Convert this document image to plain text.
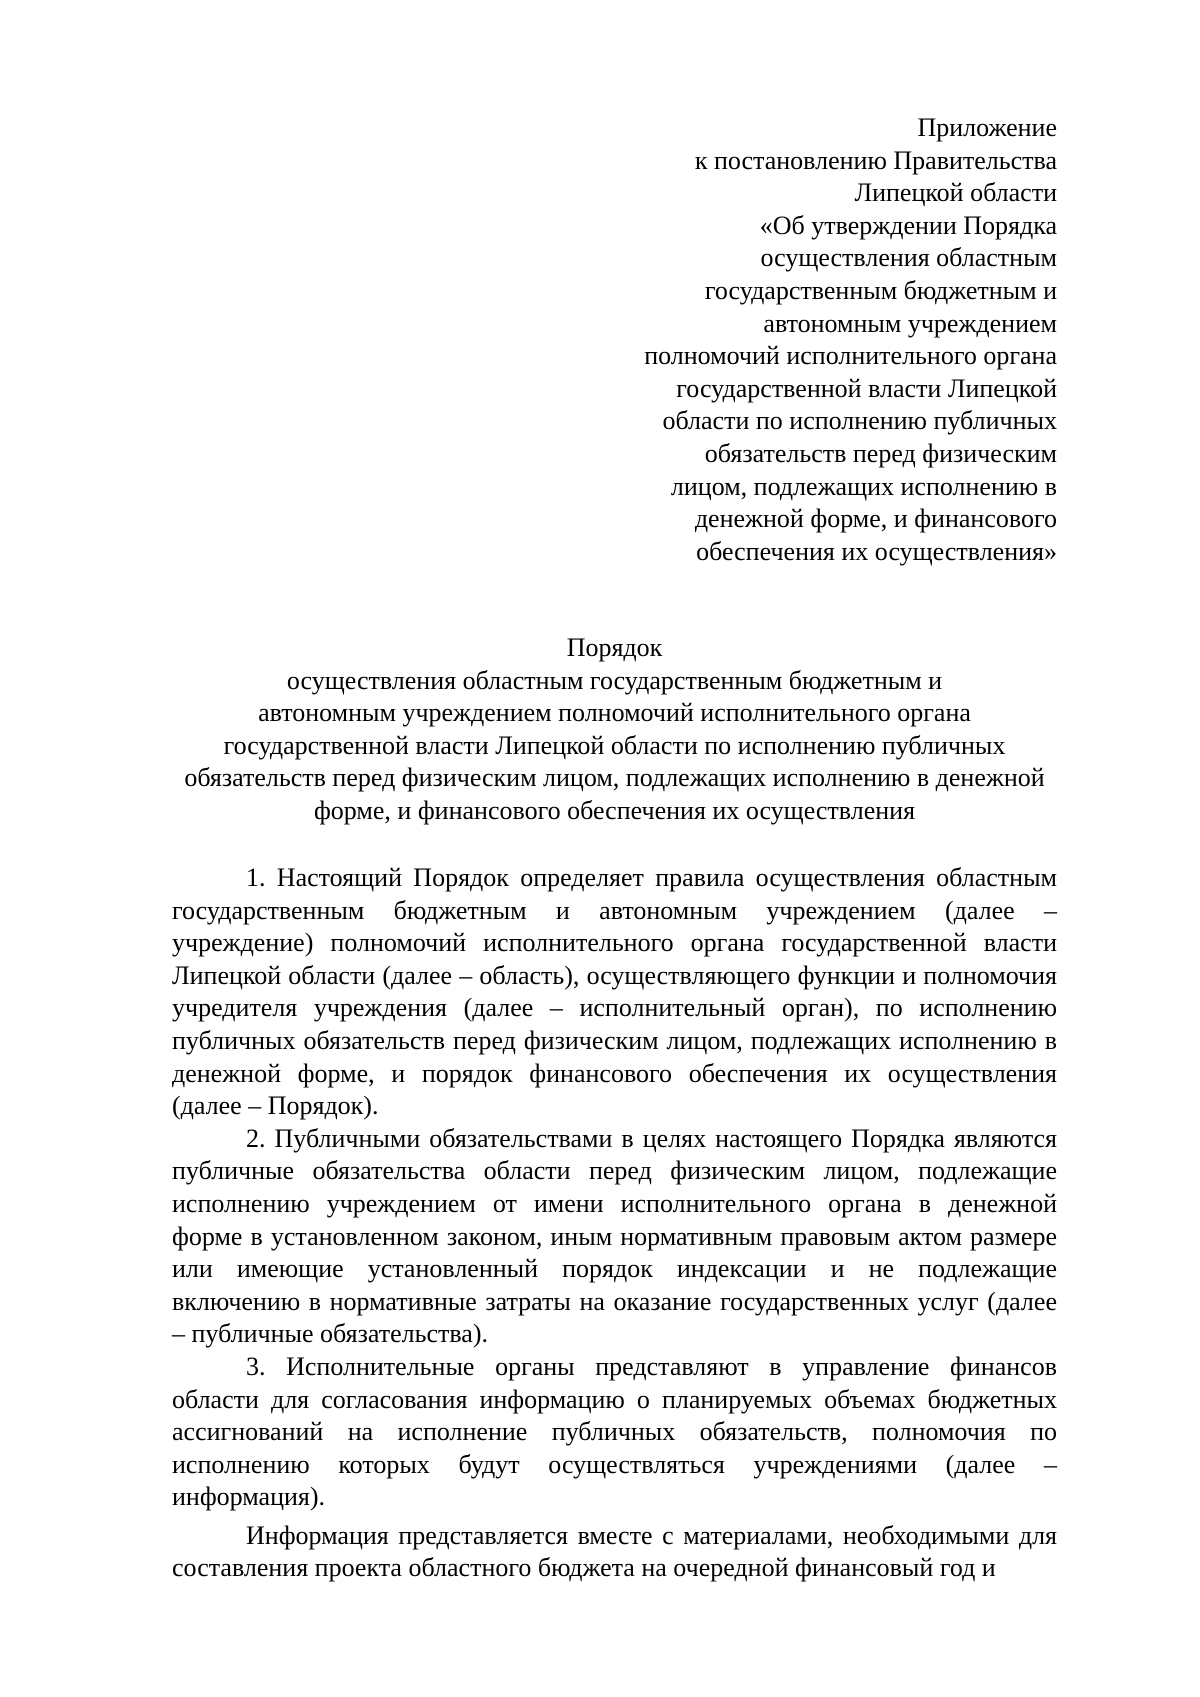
Приложение
к постановлению Правительства
Липецкой области
«Об утверждении Порядка
осуществления областным
государственным бюджетным и
автономным учреждением
полномочий исполнительного органа
государственной власти Липецкой
области по исполнению публичных
обязательств перед физическим
лицом, подлежащих исполнению в
денежной форме, и финансового
обеспечения их осуществления»
Порядок
осуществления областным государственным бюджетным и
автономным учреждением полномочий исполнительного органа
государственной власти Липецкой области по исполнению публичных
обязательств перед физическим лицом, подлежащих исполнению в денежной
форме, и финансового обеспечения их осуществления

1. Настоящий Порядок определяет правила осуществления областным государственным бюджетным и автономным учреждением (далее – учреждение) полномочий исполнительного органа государственной власти Липецкой области (далее – область), осуществляющего функции и полномочия учредителя учреждения (далее – исполнительный орган), по исполнению публичных обязательств перед физическим лицом, подлежащих исполнению в денежной форме, и порядок финансового обеспечения их осуществления (далее – Порядок).

2. Публичными обязательствами в целях настоящего Порядка являются публичные обязательства области перед физическим лицом, подлежащие исполнению учреждением от имени исполнительного органа в денежной форме в установленном законом, иным нормативным правовым актом размере или имеющие установленный порядок индексации и не подлежащие включению в нормативные затраты на оказание государственных услуг (далее – публичные обязательства).

3. Исполнительные органы представляют в управление финансов области для согласования информацию о планируемых объемах бюджетных ассигнований на исполнение публичных обязательств, полномочия по исполнению которых будут осуществляться учреждениями (далее – информация).

Информация представляется вместе с материалами, необходимыми для составления проекта областного бюджета на очередной финансовый год и
